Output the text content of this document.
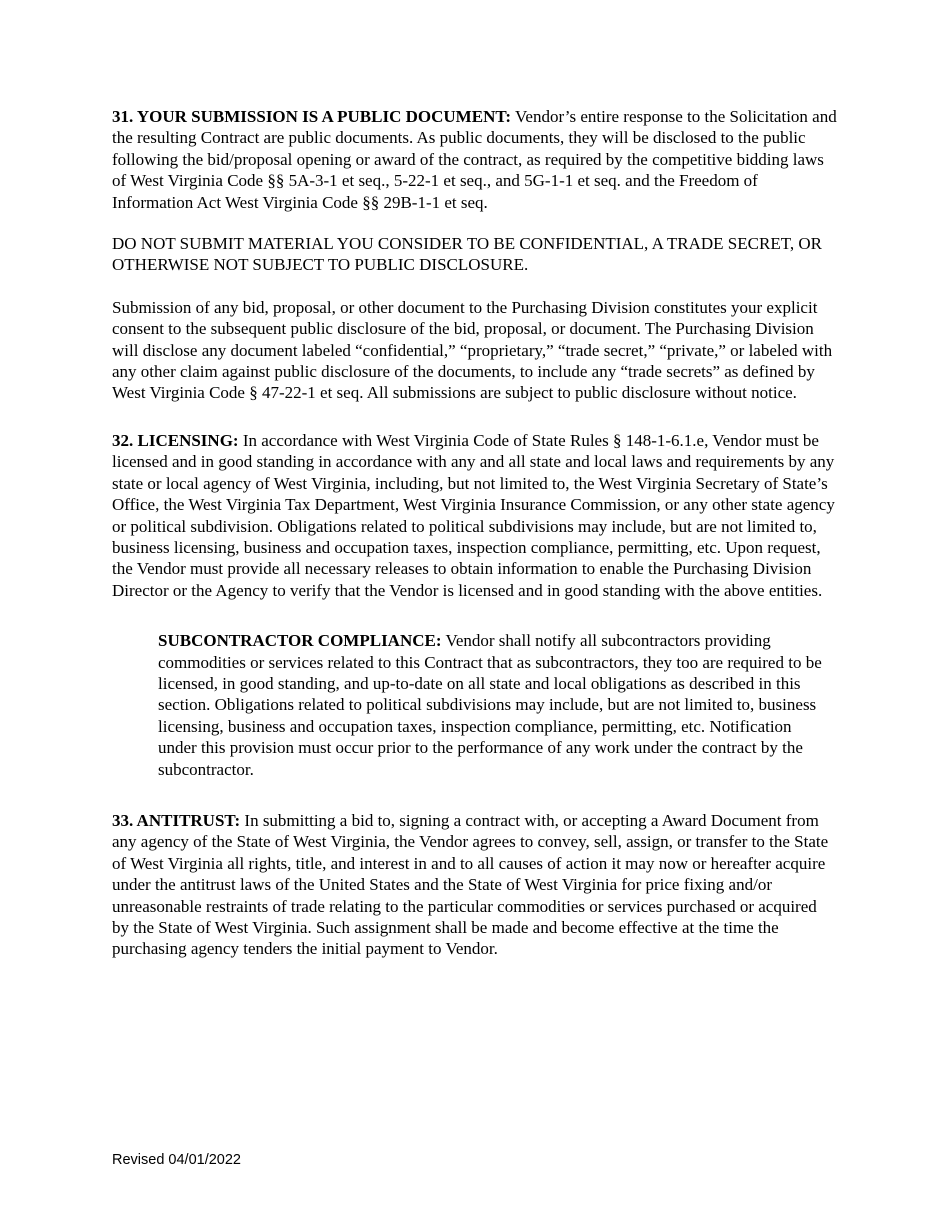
31. YOUR SUBMISSION IS A PUBLIC DOCUMENT: Vendor’s entire response to the Solicitation and the resulting Contract are public documents. As public documents, they will be disclosed to the public following the bid/proposal opening or award of the contract, as required by the competitive bidding laws of West Virginia Code §§ 5A-3-1 et seq., 5-22-1 et seq., and 5G-1-1 et seq. and the Freedom of Information Act West Virginia Code §§ 29B-1-1 et seq.

DO NOT SUBMIT MATERIAL YOU CONSIDER TO BE CONFIDENTIAL, A TRADE SECRET, OR OTHERWISE NOT SUBJECT TO PUBLIC DISCLOSURE.

Submission of any bid, proposal, or other document to the Purchasing Division constitutes your explicit consent to the subsequent public disclosure of the bid, proposal, or document. The Purchasing Division will disclose any document labeled “confidential,” “proprietary,” “trade secret,” “private,” or labeled with any other claim against public disclosure of the documents, to include any “trade secrets” as defined by West Virginia Code § 47-22-1 et seq. All submissions are subject to public disclosure without notice.

32. LICENSING: In accordance with West Virginia Code of State Rules § 148-1-6.1.e, Vendor must be licensed and in good standing in accordance with any and all state and local laws and requirements by any state or local agency of West Virginia, including, but not limited to, the West Virginia Secretary of State’s Office, the West Virginia Tax Department, West Virginia Insurance Commission, or any other state agency or political subdivision. Obligations related to political subdivisions may include, but are not limited to, business licensing, business and occupation taxes, inspection compliance, permitting, etc. Upon request, the Vendor must provide all necessary releases to obtain information to enable the Purchasing Division Director or the Agency to verify that the Vendor is licensed and in good standing with the above entities.

SUBCONTRACTOR COMPLIANCE: Vendor shall notify all subcontractors providing commodities or services related to this Contract that as subcontractors, they too are required to be licensed, in good standing, and up-to-date on all state and local obligations as described in this section. Obligations related to political subdivisions may include, but are not limited to, business licensing, business and occupation taxes, inspection compliance, permitting, etc. Notification under this provision must occur prior to the performance of any work under the contract by the subcontractor.

33. ANTITRUST: In submitting a bid to, signing a contract with, or accepting a Award Document from any agency of the State of West Virginia, the Vendor agrees to convey, sell, assign, or transfer to the State of West Virginia all rights, title, and interest in and to all causes of action it may now or hereafter acquire under the antitrust laws of the United States and the State of West Virginia for price fixing and/or unreasonable restraints of trade relating to the particular commodities or services purchased or acquired by the State of West Virginia. Such assignment shall be made and become effective at the time the purchasing agency tenders the initial payment to Vendor.

Revised 04/01/2022
